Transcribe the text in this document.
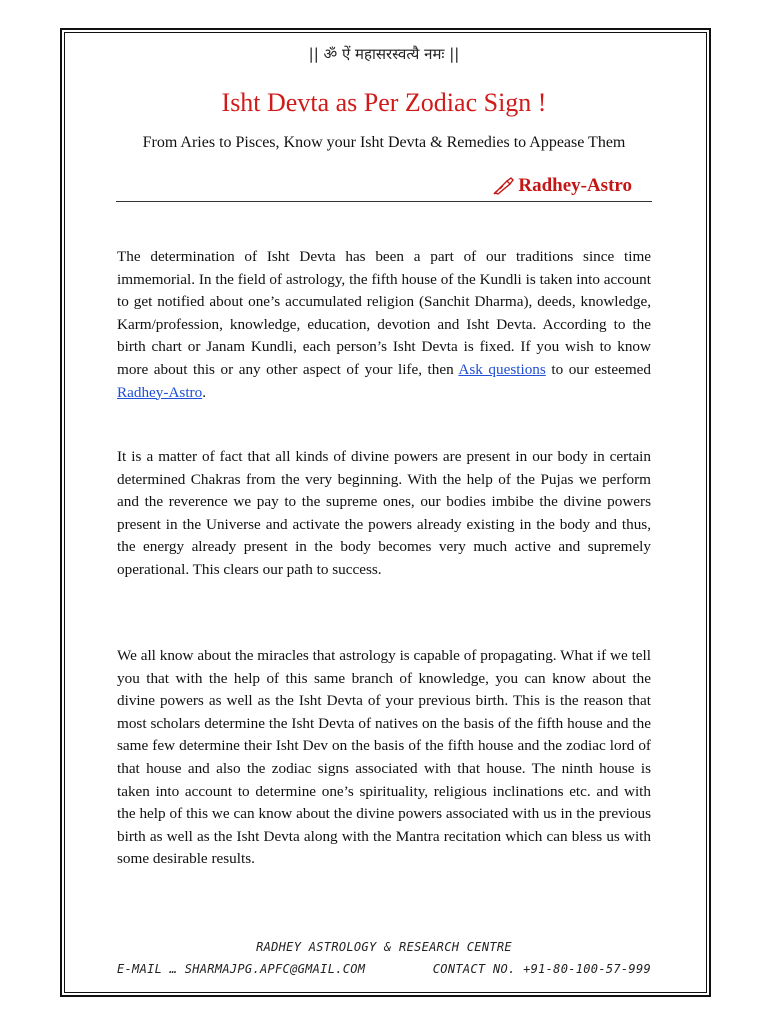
|| ॐ ऐं महासरस्वत्यै नमः ||
Isht Devta as Per Zodiac Sign !
From Aries to Pisces, Know your Isht Devta & Remedies to Appease Them
Radhey-Astro

The determination of Isht Devta has been a part of our traditions since time immemorial. In the field of astrology, the fifth house of the Kundli is taken into account to get notified about one’s accumulated religion (Sanchit Dharma), deeds, knowledge, Karm/profession, knowledge, education, devotion and Isht Devta. According to the birth chart or Janam Kundli, each person’s Isht Devta is fixed. If you wish to know more about this or any other aspect of your life, then Ask questions to our esteemed Radhey-Astro.

It is a matter of fact that all kinds of divine powers are present in our body in certain determined Chakras from the very beginning. With the help of the Pujas we perform and the reverence we pay to the supreme ones, our bodies imbibe the divine powers present in the Universe and activate the powers already existing in the body and thus, the energy already present in the body becomes very much active and supremely operational. This clears our path to success.

We all know about the miracles that astrology is capable of propagating. What if we tell you that with the help of this same branch of knowledge, you can know about the divine powers as well as the Isht Devta of your previous birth. This is the reason that most scholars determine the Isht Devta of natives on the basis of the fifth house and the same few determine their Isht Dev on the basis of the fifth house and the zodiac lord of that house and also the zodiac signs associated with that house. The ninth house is taken into account to determine one’s spirituality, religious inclinations etc. and with the help of this we can know about the divine powers associated with us in the previous birth as well as the Isht Devta along with the Mantra recitation which can bless us with some desirable results.

RADHEY ASTROLOGY & RESEARCH CENTRE
E-MAIL … SHARMAJPG.APFC@GMAIL.COM	CONTACT NO. +91-80-100-57-999
